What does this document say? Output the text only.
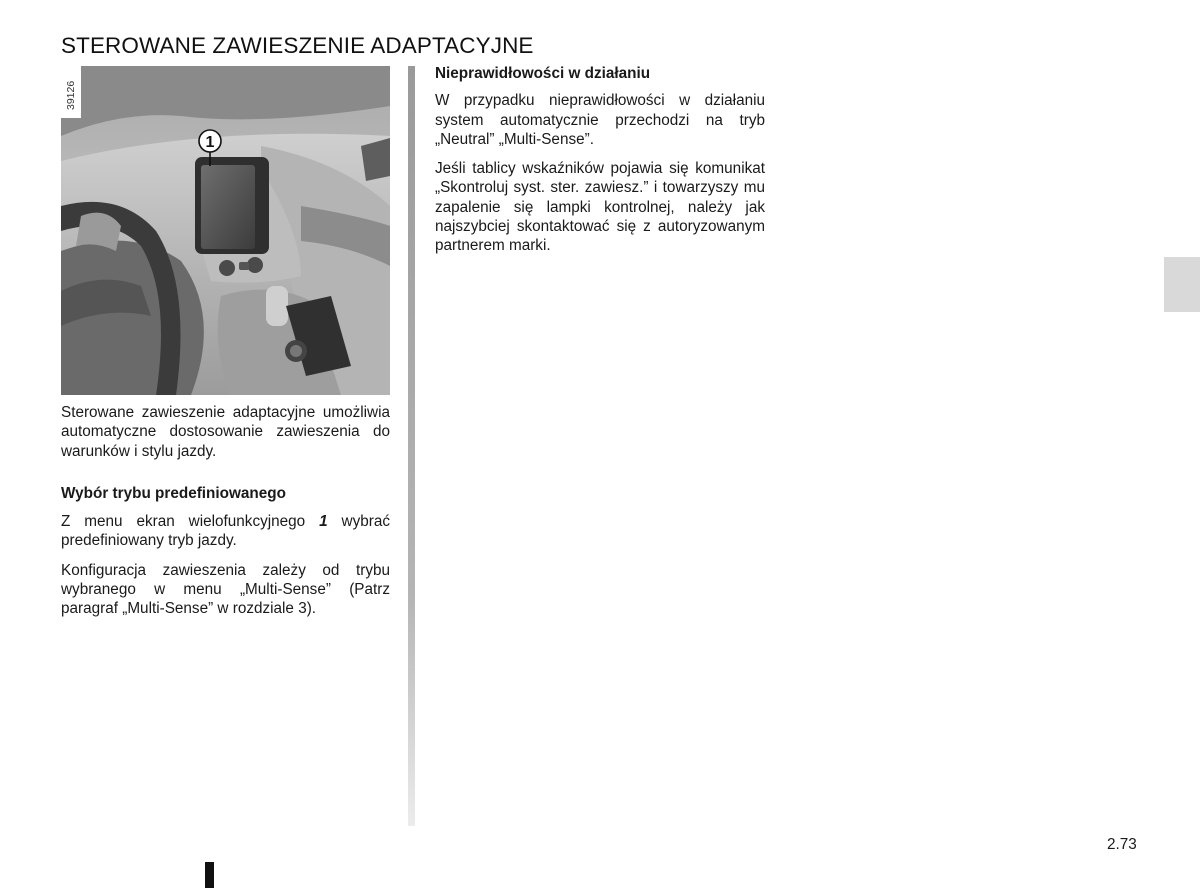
STEROWANE ZAWIESZENIE ADAPTACYJNE
1
39126

Sterowane zawieszenie adaptacyjne umożliwia automatyczne dostosowanie zawieszenia do warunków i stylu jazdy.

Wybór trybu predefiniowanego

Z menu ekran wielofunkcyjnego 1 wybrać predefiniowany tryb jazdy.

Konfiguracja zawieszenia zależy od trybu wybranego w menu „Multi-Sense” (Patrz paragraf „Multi-Sense” w rozdziale 3).

Nieprawidłowości w działaniu

W przypadku nieprawidłowości w działaniu system automatycznie przechodzi na tryb „Neutral” „Multi-Sense”.

Jeśli tablicy wskaźników pojawia się komunikat „Skontroluj syst. ster. zawiesz.” i towarzyszy mu zapalenie się lampki kontrolnej, należy jak najszybciej skontaktować się z autoryzowanym partnerem marki.

2.73
